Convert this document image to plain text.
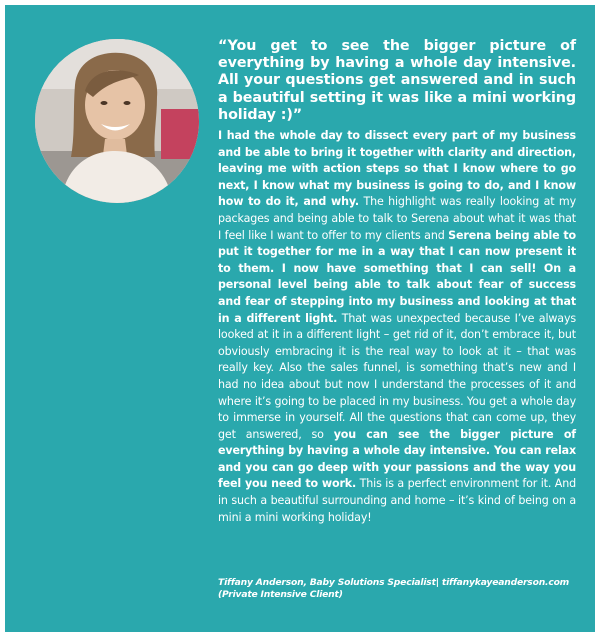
“You get to see the bigger picture of everything by having a whole day intensive. All your questions get answered and in such a beautiful setting it was like a mini working holiday :)”

I had the whole day to dissect every part of my business and be able to bring it together with clarity and direction, leaving me with action steps so that I know where to go next, I know what my business is going to do, and I know how to do it, and why. The highlight was really looking at my packages and being able to talk to Serena about what it was that I feel like I want to offer to my clients and Serena being able to put it together for me in a way that I can now present it to them. I now have something that I can sell! On a personal level being able to talk about fear of success and fear of stepping into my business and looking at that in a different light. That was unexpected because I’ve always looked at it in a different light – get rid of it, don’t embrace it, but obviously embracing it is the real way to look at it – that was really key. Also the sales funnel, is something that’s new and I had no idea about but now I understand the processes of it and where it’s going to be placed in my business. You get a whole day to immerse in yourself. All the questions that can come up, they get answered, so you can see the bigger picture of everything by having a whole day intensive. You can relax and you can go deep with your passions and the way you feel you need to work. This is a perfect environment for it. And in such a beautiful surrounding and home – it’s kind of being on a mini a mini working holiday!

Tiffany Anderson, Baby Solutions Specialist| tiffanykayeanderson.com
(Private Intensive Client)
